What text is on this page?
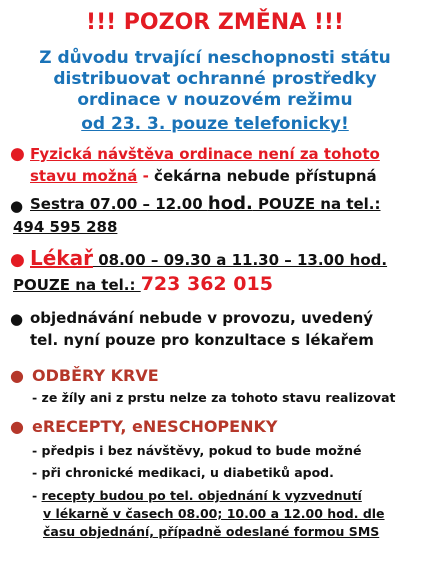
!!! POZOR ZMĚNA !!!
Z důvodu trvající neschopnosti státu
distribuovat ochranné prostředky
ordinace v nouzovém režimu
od 23. 3. pouze telefonicky!
● Fyzická návštěva ordinace není za tohoto
stavu možná - čekárna nebude přístupná
● Sestra 07.00 – 12.00 hod. POUZE na tel.:
494 595 288
● Lékař 08.00 – 09.30 a 11.30 – 13.00 hod.
POUZE na tel.: 723 362 015
● objednávání nebude v provozu, uvedený
tel. nyní pouze pro konzultace s lékařem
● ODBĚRY KRVE
- ze žíly ani z prstu nelze za tohoto stavu realizovat
● eRECEPTY, eNESCHOPENKY
- předpis i bez návštěvy, pokud to bude možné
- při chronické medikaci, u diabetiků apod.
- recepty budou po tel. objednání k vyzvednutí
v lékarně v časech 08.00; 10.00 a 12.00 hod. dle
času objednání, případně odeslané formou SMS
